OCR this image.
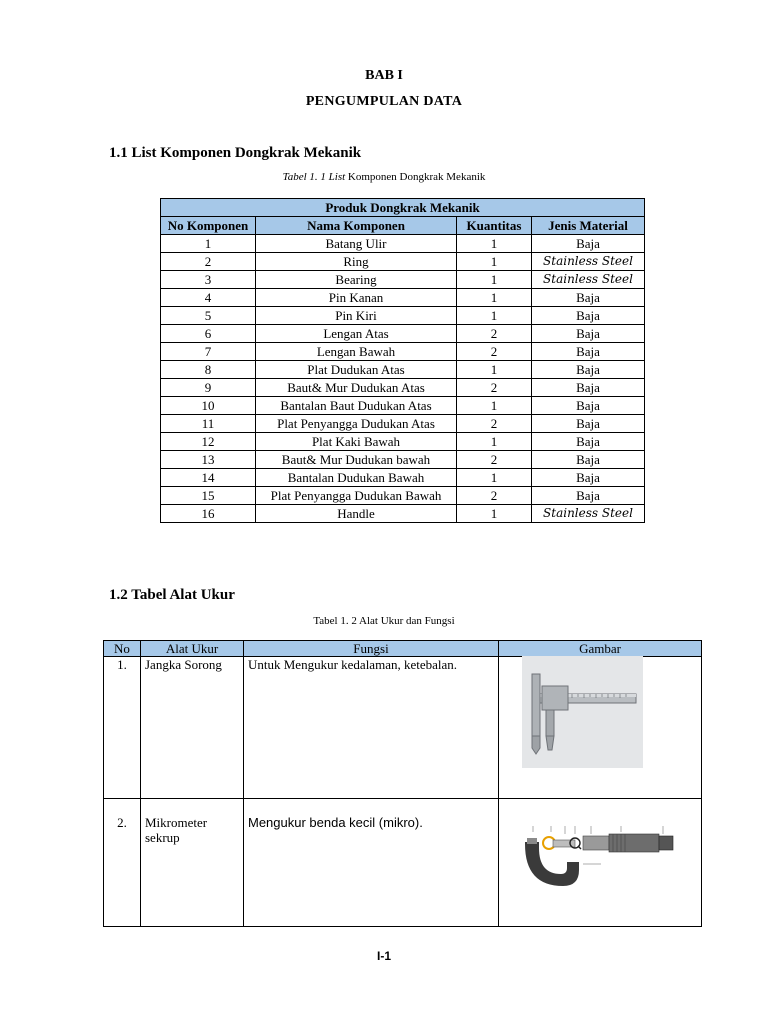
BAB I
PENGUMPULAN DATA
1.1 List Komponen Dongkrak Mekanik
Tabel 1. 1 List Komponen Dongkrak Mekanik
Produk Dongkrak Mekanik			
No Komponen	Nama Komponen	Kuantitas	Jenis Material
1	Batang Ulir	1	Baja
2	Ring	1	Stainless Steel
3	Bearing	1	Stainless Steel
4	Pin Kanan	1	Baja
5	Pin Kiri	1	Baja
6	Lengan Atas	2	Baja
7	Lengan Bawah	2	Baja
8	Plat Dudukan Atas	1	Baja
9	Baut& Mur Dudukan Atas	2	Baja
10	Bantalan Baut Dudukan Atas	1	Baja
11	Plat Penyangga Dudukan Atas	2	Baja
12	Plat Kaki Bawah	1	Baja
13	Baut& Mur Dudukan bawah	2	Baja
14	Bantalan Dudukan Bawah	1	Baja
15	Plat Penyangga Dudukan Bawah	2	Baja
16	Handle	1	Stainless Steel
1.2 Tabel Alat Ukur
Tabel 1. 2 Alat Ukur dan Fungsi
No	Alat Ukur	Fungsi	Gambar
1.	Jangka Sorong	Untuk Mengukur kedalaman, ketebalan.	
2.	Mikrometer sekrup	Mengukur benda kecil (mikro).	
I-1
